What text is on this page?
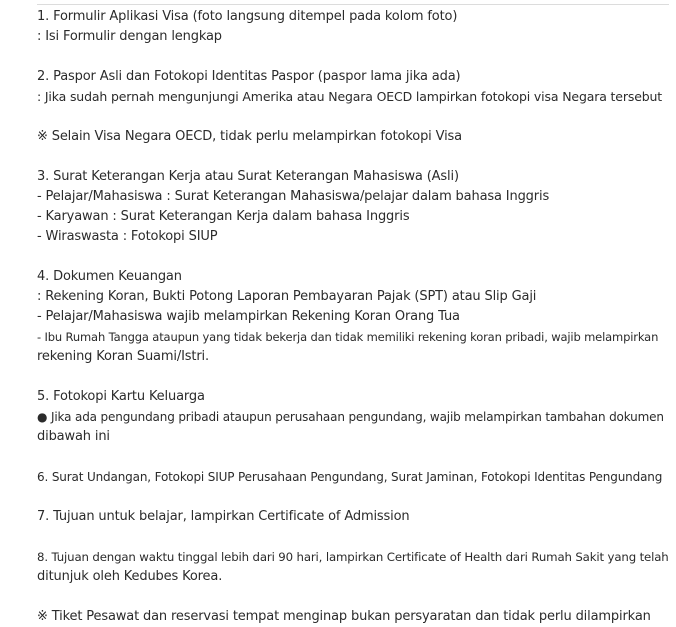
1. Formulir Aplikasi Visa (foto langsung ditempel pada kolom foto)
: Isi Formulir dengan lengkap
2. Paspor Asli dan Fotokopi Identitas Paspor (paspor lama jika ada)
: Jika sudah pernah mengunjungi Amerika atau Negara OECD lampirkan fotokopi visa Negara tersebut
※ Selain Visa Negara OECD, tidak perlu melampirkan fotokopi Visa
3. Surat Keterangan Kerja atau Surat Keterangan Mahasiswa (Asli)
- Pelajar/Mahasiswa : Surat Keterangan Mahasiswa/pelajar dalam bahasa Inggris
- Karyawan : Surat Keterangan Kerja dalam bahasa Inggris
- Wiraswasta : Fotokopi SIUP
4. Dokumen Keuangan
: Rekening Koran, Bukti Potong Laporan Pembayaran Pajak (SPT) atau Slip Gaji
- Pelajar/Mahasiswa wajib melampirkan Rekening Koran Orang Tua
- Ibu Rumah Tangga ataupun yang tidak bekerja dan tidak memiliki rekening koran pribadi, wajib melampirkan
rekening Koran Suami/Istri.
5. Fotokopi Kartu Keluarga
● Jika ada pengundang pribadi ataupun perusahaan pengundang, wajib melampirkan tambahan dokumen
dibawah ini
6. Surat Undangan, Fotokopi SIUP Perusahaan Pengundang, Surat Jaminan, Fotokopi Identitas Pengundang
7. Tujuan untuk belajar, lampirkan Certificate of Admission
8. Tujuan dengan waktu tinggal lebih dari 90 hari, lampirkan Certificate of Health dari Rumah Sakit yang telah
ditunjuk oleh Kedubes Korea.
※ Tiket Pesawat dan reservasi tempat menginap bukan persyaratan dan tidak perlu dilampirkan
